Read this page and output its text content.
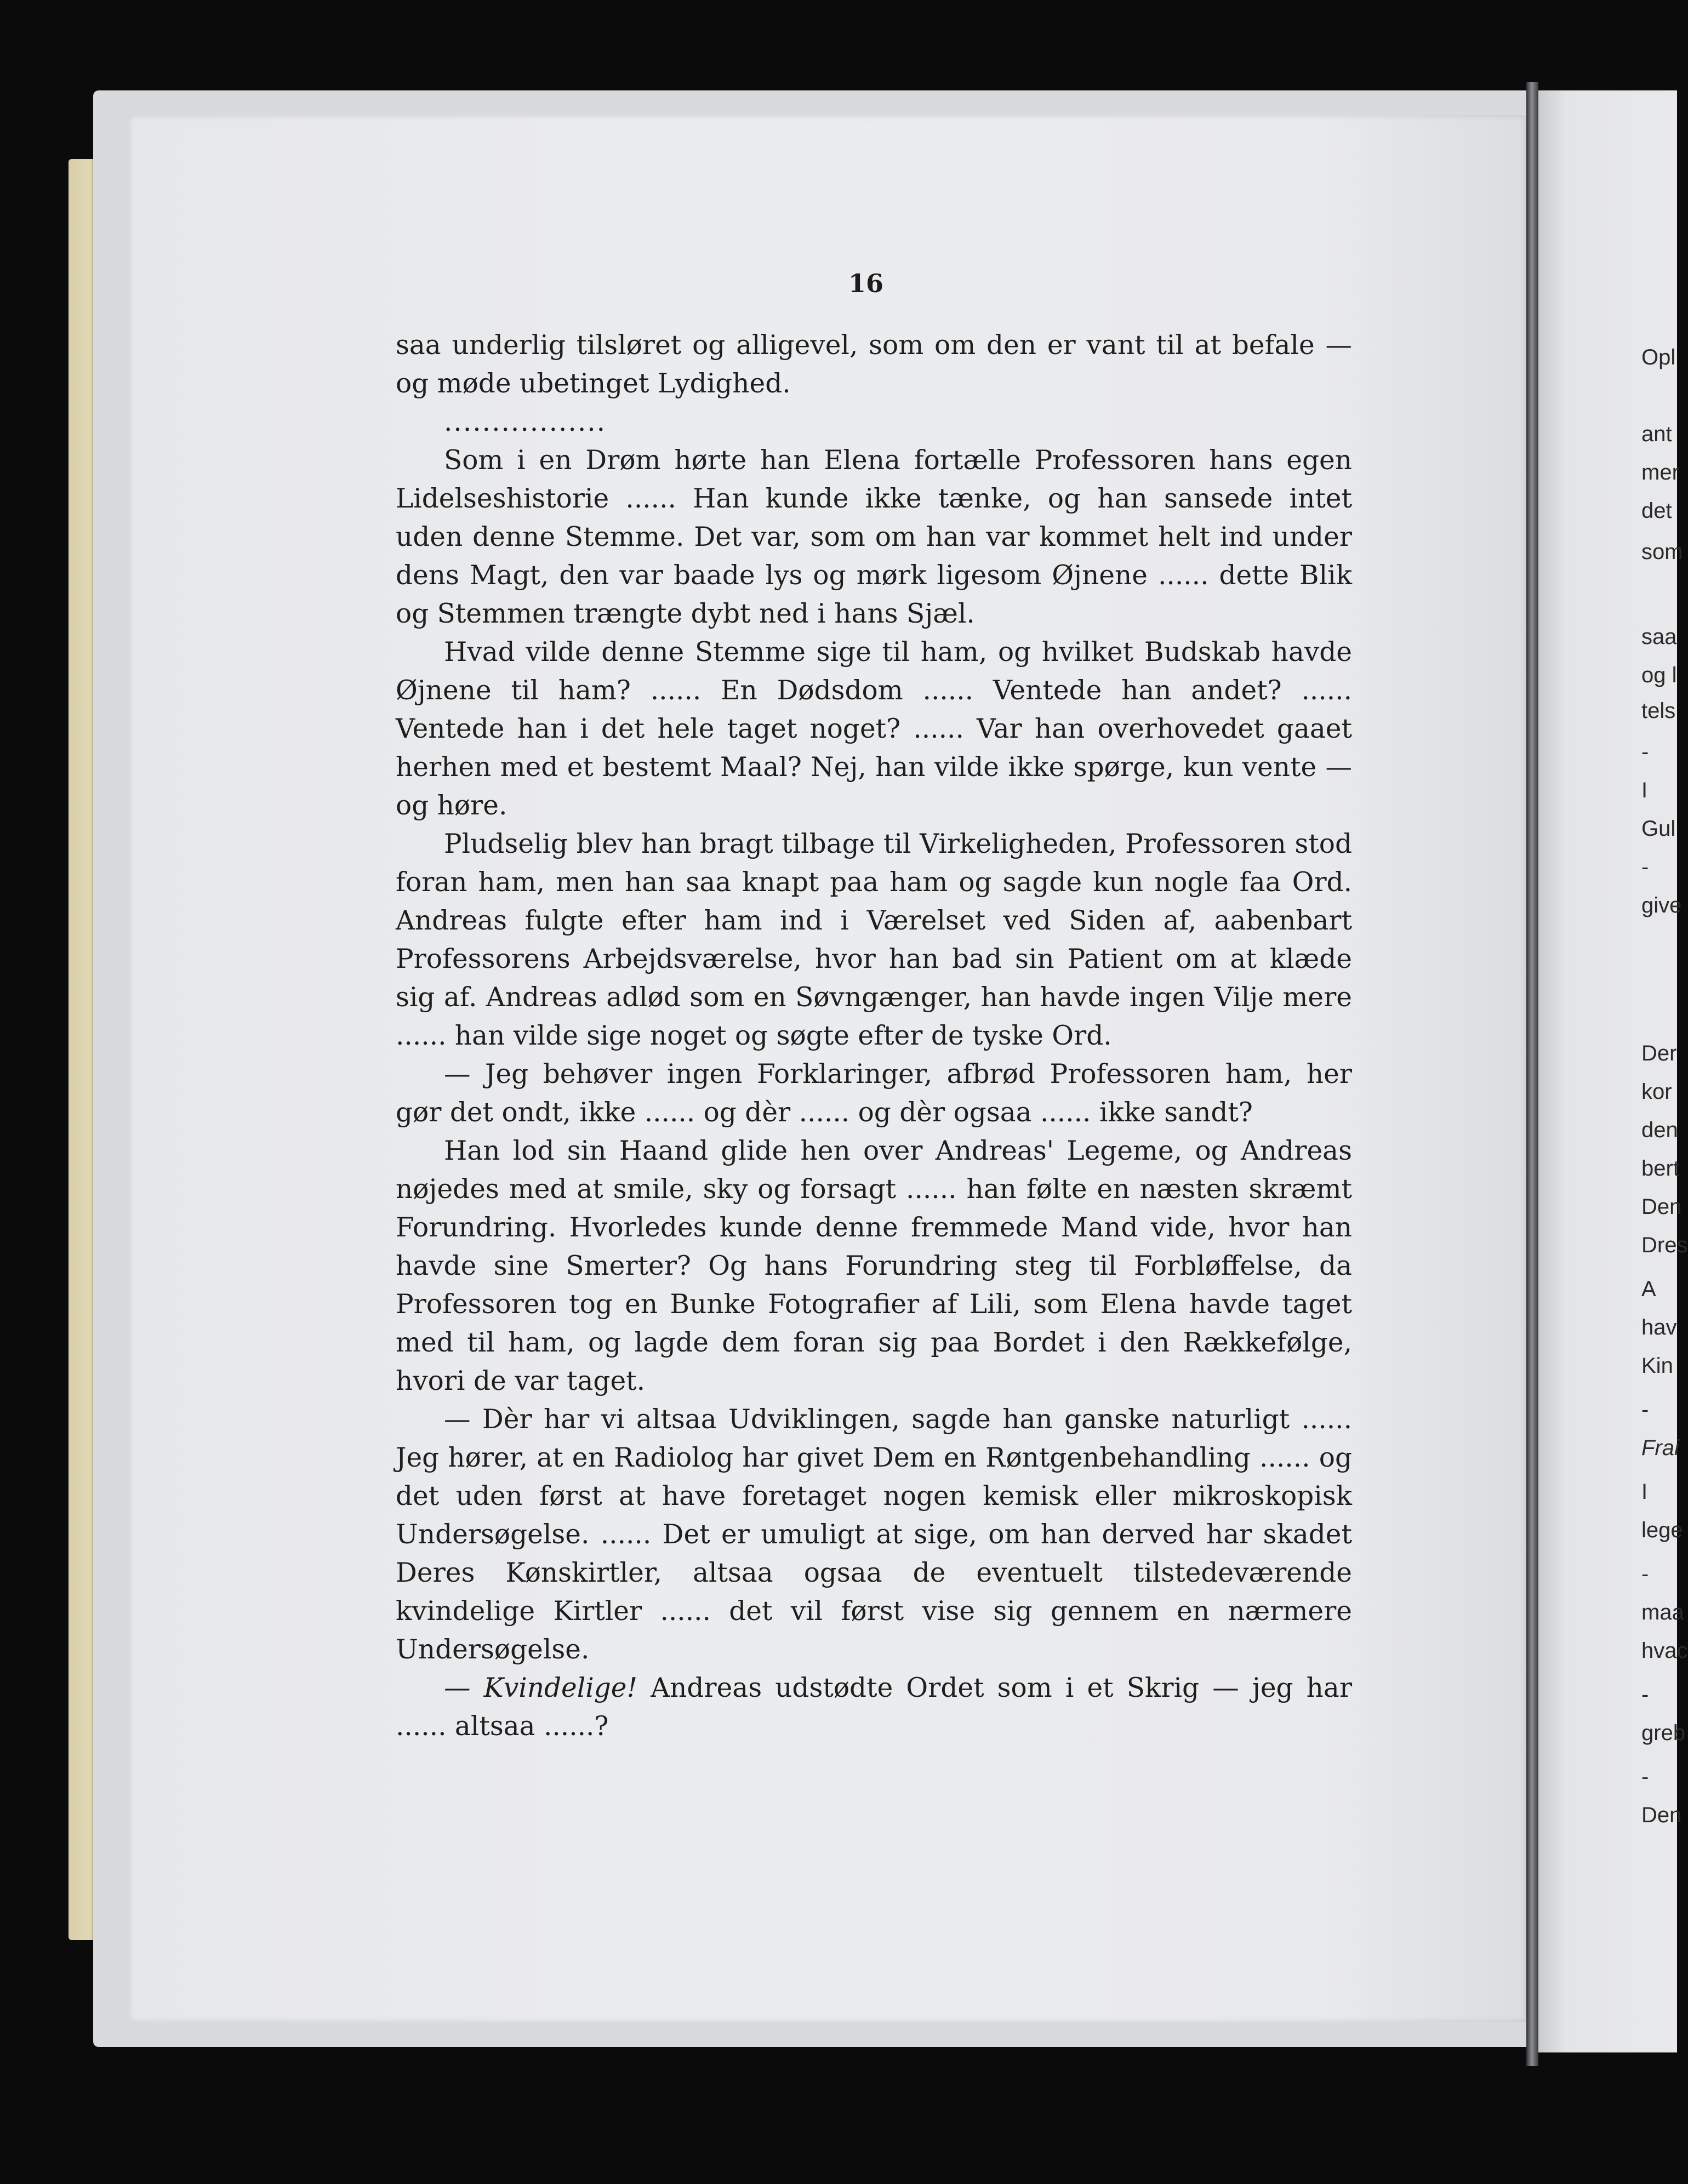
16

saa underlig tilsløret og alligevel, som om den er vant til at befale — og møde ubetinget Lydighed.

.................

Som i en Drøm hørte han Elena fortælle Professoren hans egen Lidelseshistorie ...... Han kunde ikke tænke, og han sansede intet uden denne Stemme. Det var, som om han var kommet helt ind under dens Magt, den var baade lys og mørk ligesom Øjnene ...... dette Blik og Stemmen trængte dybt ned i hans Sjæl.

Hvad vilde denne Stemme sige til ham, og hvilket Budskab havde Øjnene til ham? ...... En Dødsdom ...... Ventede han andet? ...... Ventede han i det hele taget noget? ...... Var han overhovedet gaaet herhen med et bestemt Maal? Nej, han vilde ikke spørge, kun vente —og høre.

Pludselig blev han bragt tilbage til Virkeligheden, Professoren stod foran ham, men han saa knapt paa ham og sagde kun nogle faa Ord. Andreas fulgte efter ham ind i Værelset ved Siden af, aabenbart Professorens Arbejdsværelse, hvor han bad sin Patient om at klæde sig af. Andreas adlød som en Søvngænger, han havde ingen Vilje mere ...... han vilde sige noget og søgte efter de tyske Ord.

— Jeg behøver ingen Forklaringer, afbrød Professoren ham, her gør det ondt, ikke ...... og dèr ...... og dèr ogsaa ...... ikke sandt?

Han lod sin Haand glide hen over Andreas' Legeme, og Andreas nøjedes med at smile, sky og forsagt ...... han følte en næsten skræmt Forundring. Hvorledes kunde denne fremmede Mand vide, hvor han havde sine Smerter? Og hans Forundring steg til Forbløffelse, da Professoren tog en Bunke Fotografier af Lili, som Elena havde taget med til ham, og lagde dem foran sig paa Bordet i den Rækkefølge, hvori de var taget.

— Dèr har vi altsaa Udviklingen, sagde han ganske naturligt ...... Jeg hører, at en Radiolog har givet Dem en Røntgenbehandling ...... og det uden først at have foretaget nogen kemisk eller mikroskopisk Undersøgelse. ...... Det er umuligt at sige, om han derved har skadet Deres Kønskirtler, altsaa ogsaa de eventuelt tilstedeværende kvindelige Kirtler ...... det vil først vise sig gennem en nærmere Undersøgelse.

— Kvindelige! Andreas udstødte Ordet som i et Skrig — jeg har ...... altsaa ......?

Opl
ant
mer
det
som
saa
og l
tels
-
I
Gul
-
give
Der
kor
den
bert
Den
Dres
A
hav
Kin
-
Frai
I
lege
-
maa
hvac
-
greb
-
Den
